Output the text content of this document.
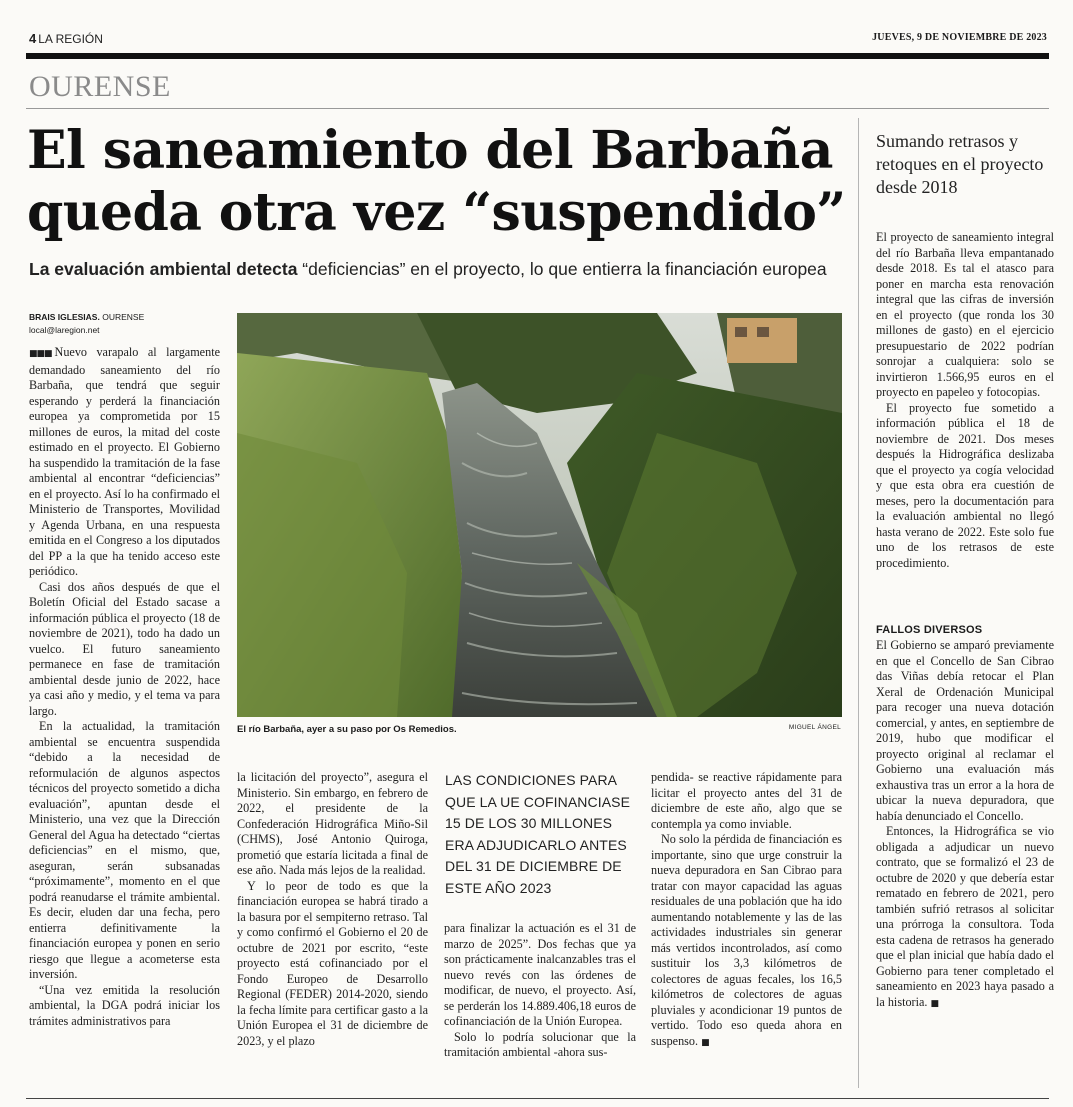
4 LA REGIÓN	JUEVES, 9 DE NOVIEMBRE DE 2023
OURENSE
El saneamiento del Barbaña queda otra vez “suspendido”
La evaluación ambiental detecta “deficiencias” en el proyecto, lo que entierra la financiación europea
BRAIS IGLESIAS. OURENSE
local@laregion.net
El río Barbaña, ayer a su paso por Os Remedios.	MIGUEL ÁNGEL

■■■ Nuevo varapalo al largamente demandado saneamiento del río Barbaña, que tendrá que seguir esperando y perderá la financiación europea ya comprometida por 15 millones de euros, la mitad del coste estimado en el proyecto. El Gobierno ha suspendido la tramitación de la fase ambiental al encontrar “deficiencias” en el proyecto. Así lo ha confirmado el Ministerio de Transportes, Movilidad y Agenda Urbana, en una respuesta emitida en el Congreso a los diputados del PP a la que ha tenido acceso este periódico.

Casi dos años después de que el Boletín Oficial del Estado sacase a información pública el proyecto (18 de noviembre de 2021), todo ha dado un vuelco. El futuro saneamiento permanece en fase de tramitación ambiental desde junio de 2022, hace ya casi año y medio, y el tema va para largo.

En la actualidad, la tramitación ambiental se encuentra suspendida “debido a la necesidad de reformulación de algunos aspectos técnicos del proyecto sometido a dicha evaluación”, apuntan desde el Ministerio, una vez que la Dirección General del Agua ha detectado “ciertas deficiencias” en el mismo, que, aseguran, serán subsanadas “próximamente”, momento en el que podrá reanudarse el trámite ambiental. Es decir, eluden dar una fecha, pero entierra definitivamente la financiación europea y ponen en serio riesgo que llegue a acometerse esta inversión.

“Una vez emitida la resolución ambiental, la DGA podrá iniciar los trámites administrativos para

la licitación del proyecto”, asegura el Ministerio. Sin embargo, en febrero de 2022, el presidente de la Confederación Hidrográfica Miño-Sil (CHMS), José Antonio Quiroga, prometió que estaría licitada a final de ese año. Nada más lejos de la realidad.

Y lo peor de todo es que la financiación europea se habrá tirado a la basura por el sempiterno retraso. Tal y como confirmó el Gobierno el 20 de octubre de 2021 por escrito, “este proyecto está cofinanciado por el Fondo Europeo de Desarrollo Regional (FEDER) 2014-2020, siendo la fecha límite para certificar gasto a la Unión Europea el 31 de diciembre de 2023, y el plazo

LAS CONDICIONES PARA QUE LA UE COFINANCIASE 15 DE LOS 30 MILLONES ERA ADJUDICARLO ANTES DEL 31 DE DICIEMBRE DE ESTE AÑO 2023

para finalizar la actuación es el 31 de marzo de 2025”. Dos fechas que ya son prácticamente inalcanzables tras el nuevo revés con las órdenes de modificar, de nuevo, el proyecto. Así, se perderán los 14.889.406,18 euros de cofinanciación de la Unión Europea.

Solo lo podría solucionar que la tramitación ambiental -ahora sus-

pendida- se reactive rápidamente para licitar el proyecto antes del 31 de diciembre de este año, algo que se contempla ya como inviable.

No solo la pérdida de financiación es importante, sino que urge construir la nueva depuradora en San Cibrao para tratar con mayor capacidad las aguas residuales de una población que ha ido aumentando notablemente y las de las actividades industriales sin generar más vertidos incontrolados, así como sustituir los 3,3 kilómetros de colectores de aguas fecales, los 16,5 kilómetros de colectores de aguas pluviales y acondicionar 19 puntos de vertido. Todo eso queda ahora en suspenso. ■

Sumando retrasos y retoques en el proyecto desde 2018

El proyecto de saneamiento integral del río Barbaña lleva empantanado desde 2018. Es tal el atasco para poner en marcha esta renovación integral que las cifras de inversión en el proyecto (que ronda los 30 millones de gasto) en el ejercicio presupuestario de 2022 podrían sonrojar a cualquiera: solo se invirtieron 1.566,95 euros en el proyecto en papeleo y fotocopias.

El proyecto fue sometido a información pública el 18 de noviembre de 2021. Dos meses después la Hidrográfica deslizaba que el proyecto ya cogía velocidad y que esta obra era cuestión de meses, pero la documentación para la evaluación ambiental no llegó hasta verano de 2022. Este solo fue uno de los retrasos de este procedimiento.

FALLOS DIVERSOS

El Gobierno se amparó previamente en que el Concello de San Cibrao das Viñas debía retocar el Plan Xeral de Ordenación Municipal para recoger una nueva dotación comercial, y antes, en septiembre de 2019, hubo que modificar el proyecto original al reclamar el Gobierno una evaluación más exhaustiva tras un error a la hora de ubicar la nueva depuradora, que había denunciado el Concello.

Entonces, la Hidrográfica se vio obligada a adjudicar un nuevo contrato, que se formalizó el 23 de octubre de 2020 y que debería estar rematado en febrero de 2021, pero también sufrió retrasos al solicitar una prórroga la consultora. Toda esta cadena de retrasos ha generado que el plan inicial que había dado el Gobierno para tener completado el saneamiento en 2023 haya pasado a la historia. ■
